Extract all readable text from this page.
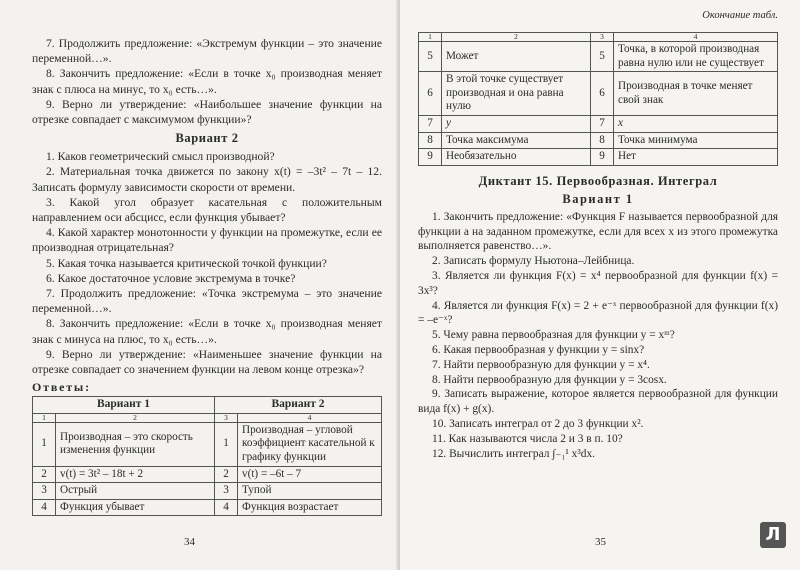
7. Продолжить предложение: «Экстремум функции – это значение переменной…».

8. Закончить предложение: «Если в точке x₀ производная меняет знак с плюса на минус, то x₀ есть…».

9. Верно ли утверждение: «Наибольшее значение функции на отрезке совпадает с максимумом функции»?

Вариант 2

1. Каков геометрический смысл производной?

2. Материальная точка движется по закону x(t) = –3t² – 7t – 12. Записать формулу зависимости скорости от времени.

3. Какой угол образует касательная с положительным направлением оси абсцисс, если функция убывает?

4. Какой характер монотонности у функции на промежутке, если ее производная отрицательная?

5. Какая точка называется критической точкой функции?

6. Какое достаточное условие экстремума в точке?

7. Продолжить предложение: «Точка экстремума – это значение переменной…».

8. Закончить предложение: «Если в точке x₀ производная меняет знак с минуса на плюс, то x₀ есть…».

9. Верно ли утверждение: «Наименьшее значение функции на отрезке совпадает со значением функции на левом конце отрезка»?

Ответы:
Вариант 1		Вариант 2	
1	2	3	4
1	Производная – это скорость изменения функции	1	Производная – угловой коэффициент касательной к графику функции
2	v(t) = 3t² – 18t + 2	2	v(t) = –6t – 7
3	Острый	3	Тупой
4	Функция убывает	4	Функция возрастает
34
Окончание табл.
1	2	3	4
5	Может	5	Точка, в которой производная равна нулю или не существует
6	В этой точке существует производная и она равна нулю	6	Производная в точке меняет свой знак
7	y	7	x
8	Точка максимума	8	Точка минимума
9	Необязательно	9	Нет
Диктант 15. Первообразная. Интеграл
Вариант 1

1. Закончить предложение: «Функция F называется первообразной для функции a на заданном промежутке, если для всех x из этого промежутка выполняется равенство…».

2. Записать формулу Ньютона–Лейбница.

3. Является ли функция F(x) = x⁴ первообразной для функции f(x) = 3x³?

4. Является ли функция F(x) = 2 + e⁻ˣ первообразной для функции f(x) = –e⁻ˣ?

5. Чему равна первообразная для функции y = xᵐ?

6. Какая первообразная у функции y = sinx?

7. Найти первообразную для функции y = x⁴.

8. Найти первообразную для функции y = 3cosx.

9. Записать выражение, которое является первообразной для функции вида f(x) + g(x).

10. Записать интеграл от 2 до 3 функции x².

11. Как называются числа 2 и 3 в п. 10?

12. Вычислить интеграл ∫₋₁¹ x³dx.

35	Л
